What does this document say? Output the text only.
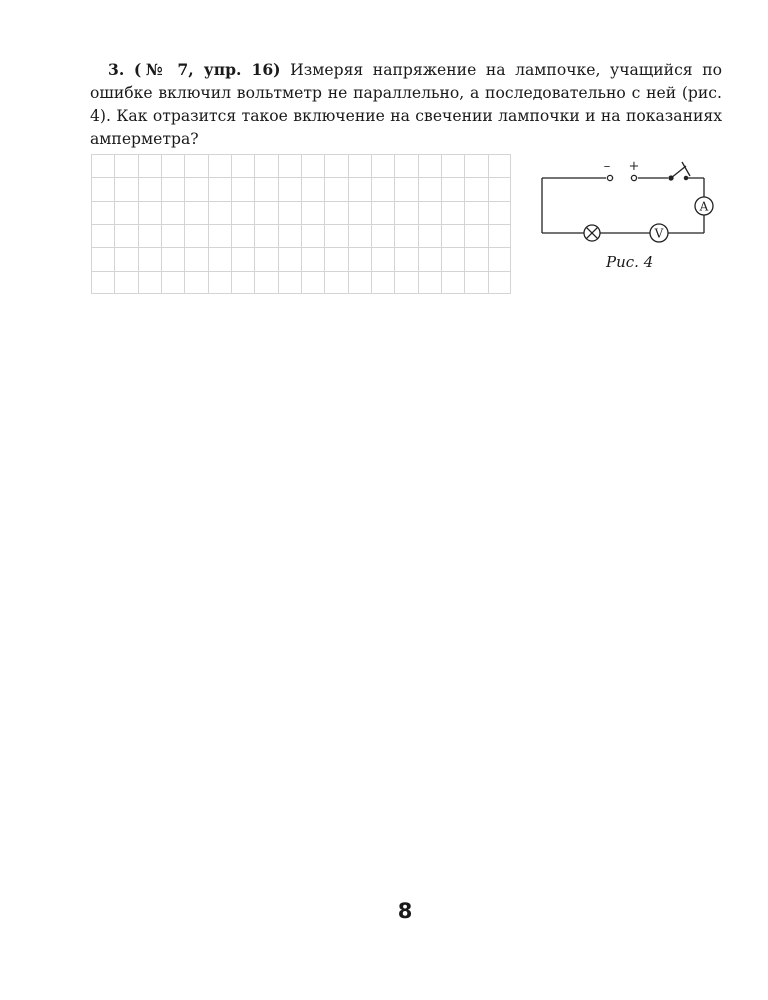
3. (№ 7, упр. 16) Измеряя напряжение на лампочке, учащийся по ошибке включил вольтметр не параллельно, а последовательно с ней (рис. 4). Как отразится такое включение на свечении лампочки и на показаниях амперметра?
– +
A
V
Рис. 4
8
